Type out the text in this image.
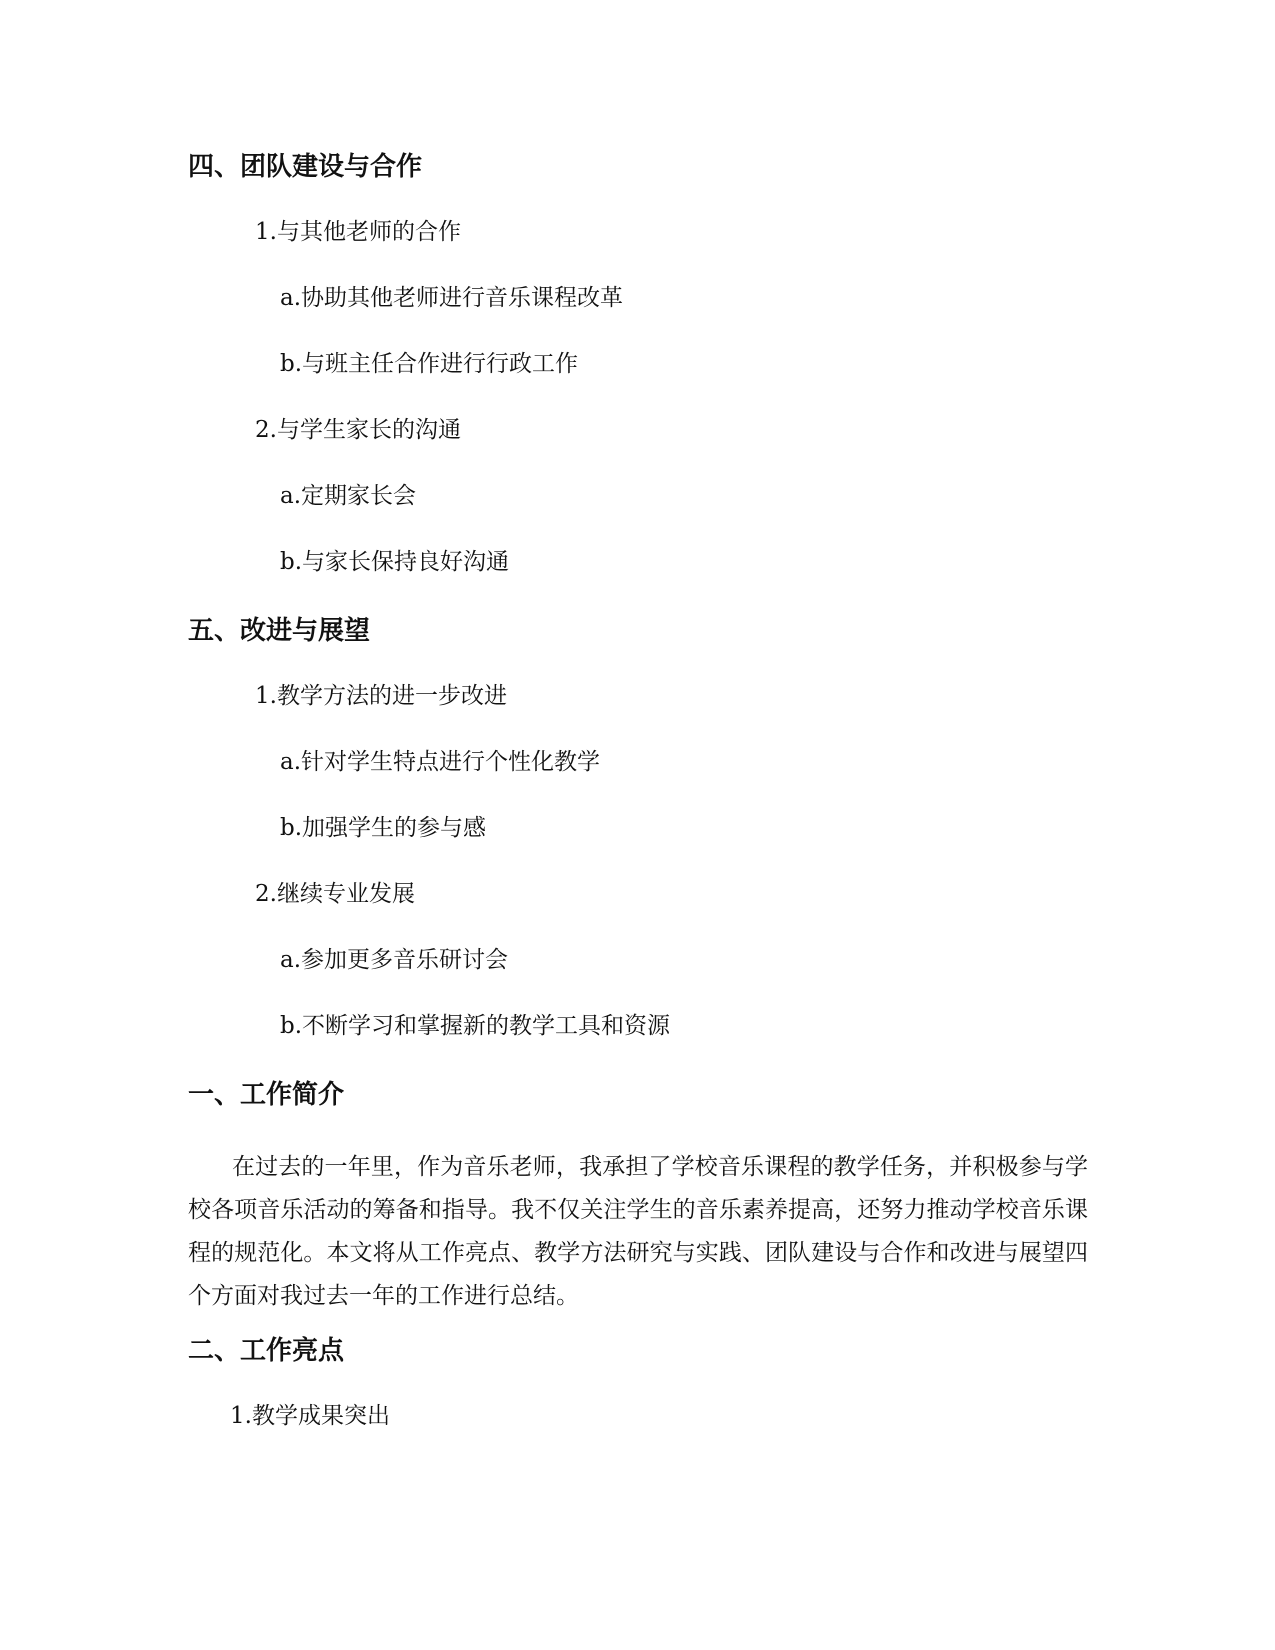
四、团队建设与合作
1.与其他老师的合作
a.协助其他老师进行音乐课程改革
b.与班主任合作进行行政工作
2.与学生家长的沟通
a.定期家长会
b.与家长保持良好沟通
五、改进与展望
1.教学方法的进一步改进
a.针对学生特点进行个性化教学
b.加强学生的参与感
2.继续专业发展
a.参加更多音乐研讨会
b.不断学习和掌握新的教学工具和资源
一、工作简介

在过去的一年里，作为音乐老师，我承担了学校音乐课程的教学任务，并积极参与学校各项音乐活动的筹备和指导。我不仅关注学生的音乐素养提高，还努力推动学校音乐课程的规范化。本文将从工作亮点、教学方法研究与实践、团队建设与合作和改进与展望四个方面对我过去一年的工作进行总结。

二、工作亮点
1.教学成果突出
